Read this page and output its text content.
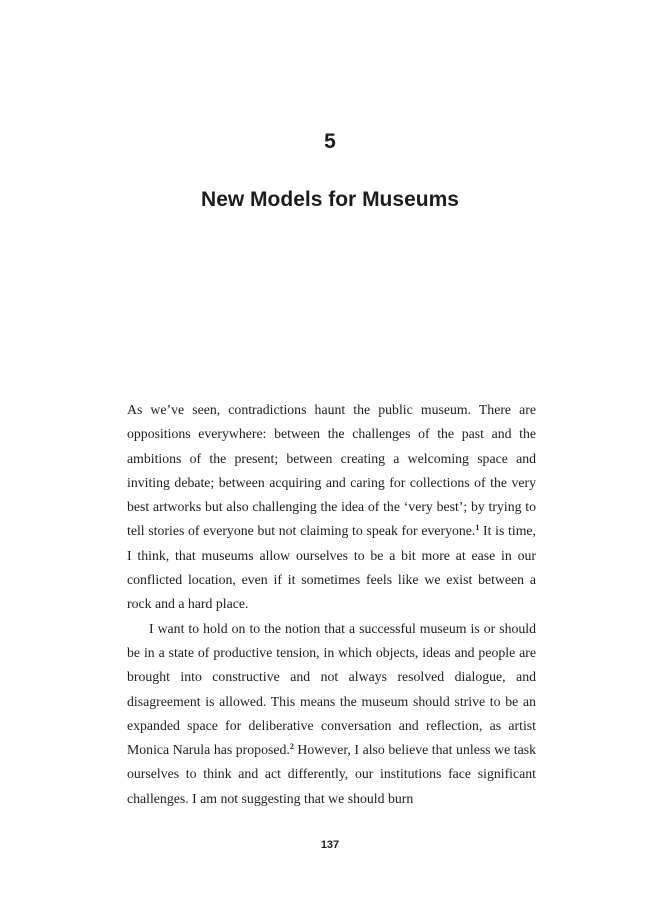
5
New Models for Museums

As we’ve seen, contradictions haunt the public museum. There are oppositions everywhere: between the challenges of the past and the ambitions of the present; between creating a welcoming space and inviting debate; between acquiring and caring for collections of the very best artworks but also challenging the idea of the ‘very best’; by trying to tell stories of everyone but not claiming to speak for everyone.$^1$ It is time, I think, that museums allow ourselves to be a bit more at ease in our conflicted location, even if it sometimes feels like we exist between a rock and a hard place.

I want to hold on to the notion that a successful museum is or should be in a state of productive tension, in which objects, ideas and people are brought into constructive and not always resolved dialogue, and disagreement is allowed. This means the museum should strive to be an expanded space for deliberative conversation and reflection, as artist Monica Narula has proposed.$^2$ However, I also believe that unless we task ourselves to think and act differently, our institutions face significant challenges. I am not suggesting that we should burn

137
